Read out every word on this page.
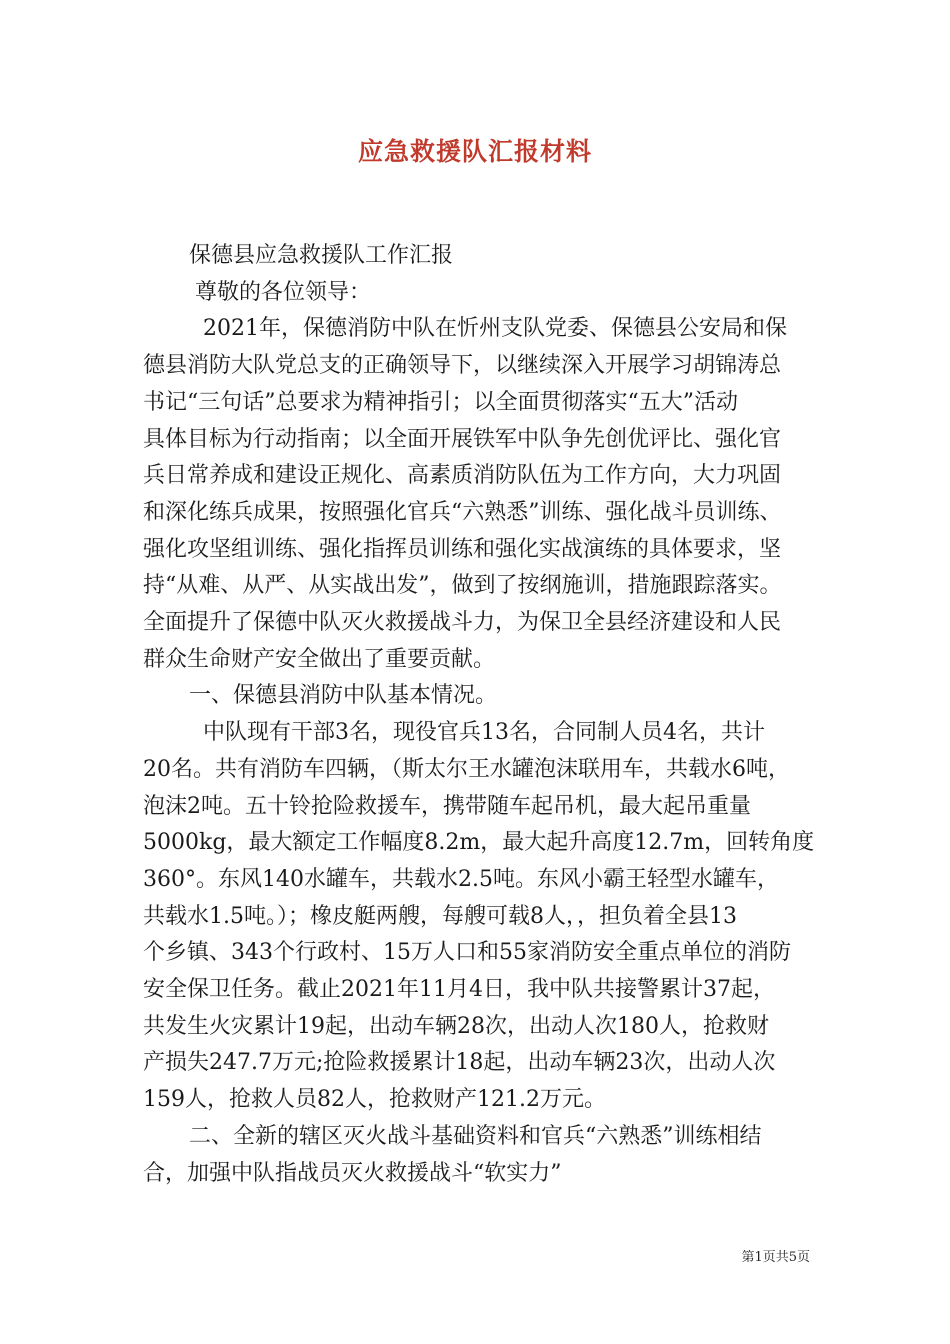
应急救援队汇报材料
保德县应急救援队工作汇报
尊敬的各位领导：
2021年，保德消防中队在忻州支队党委、保德县公安局和保
德县消防大队党总支的正确领导下，以继续深入开展学习胡锦涛总
书记“三句话”总要求为精神指引；以全面贯彻落实“五大”活动
具体目标为行动指南；以全面开展铁军中队争先创优评比、强化官
兵日常养成和建设正规化、高素质消防队伍为工作方向，大力巩固
和深化练兵成果，按照强化官兵“六熟悉”训练、强化战斗员训练、
强化攻坚组训练、强化指挥员训练和强化实战演练的具体要求，坚
持“从难、从严、从实战出发”，做到了按纲施训，措施跟踪落实。
全面提升了保德中队灭火救援战斗力，为保卫全县经济建设和人民
群众生命财产安全做出了重要贡献。
一、保德县消防中队基本情况。
中队现有干部3名，现役官兵13名，合同制人员4名，共计
20名。共有消防车四辆，（斯太尔王水罐泡沫联用车，共载水6吨，
泡沫2吨。五十铃抢险救援车，携带随车起吊机，最大起吊重量
5000kg，最大额定工作幅度8.2m，最大起升高度12.7m，回转角度
360°。东风140水罐车，共载水2.5吨。东风小霸王轻型水罐车，
共载水1.5吨。）；橡皮艇两艘，每艘可载8人，，担负着全县13
个乡镇、343个行政村、15万人口和55家消防安全重点单位的消防
安全保卫任务。截止2021年11月4日，我中队共接警累计37起，
共发生火灾累计19起，出动车辆28次，出动人次180人，抢救财
产损失247.7万元;抢险救援累计18起，出动车辆23次，出动人次
159人，抢救人员82人，抢救财产121.2万元。
二、全新的辖区灭火战斗基础资料和官兵“六熟悉”训练相结
合，加强中队指战员灭火救援战斗“软实力”
第1页共5页
